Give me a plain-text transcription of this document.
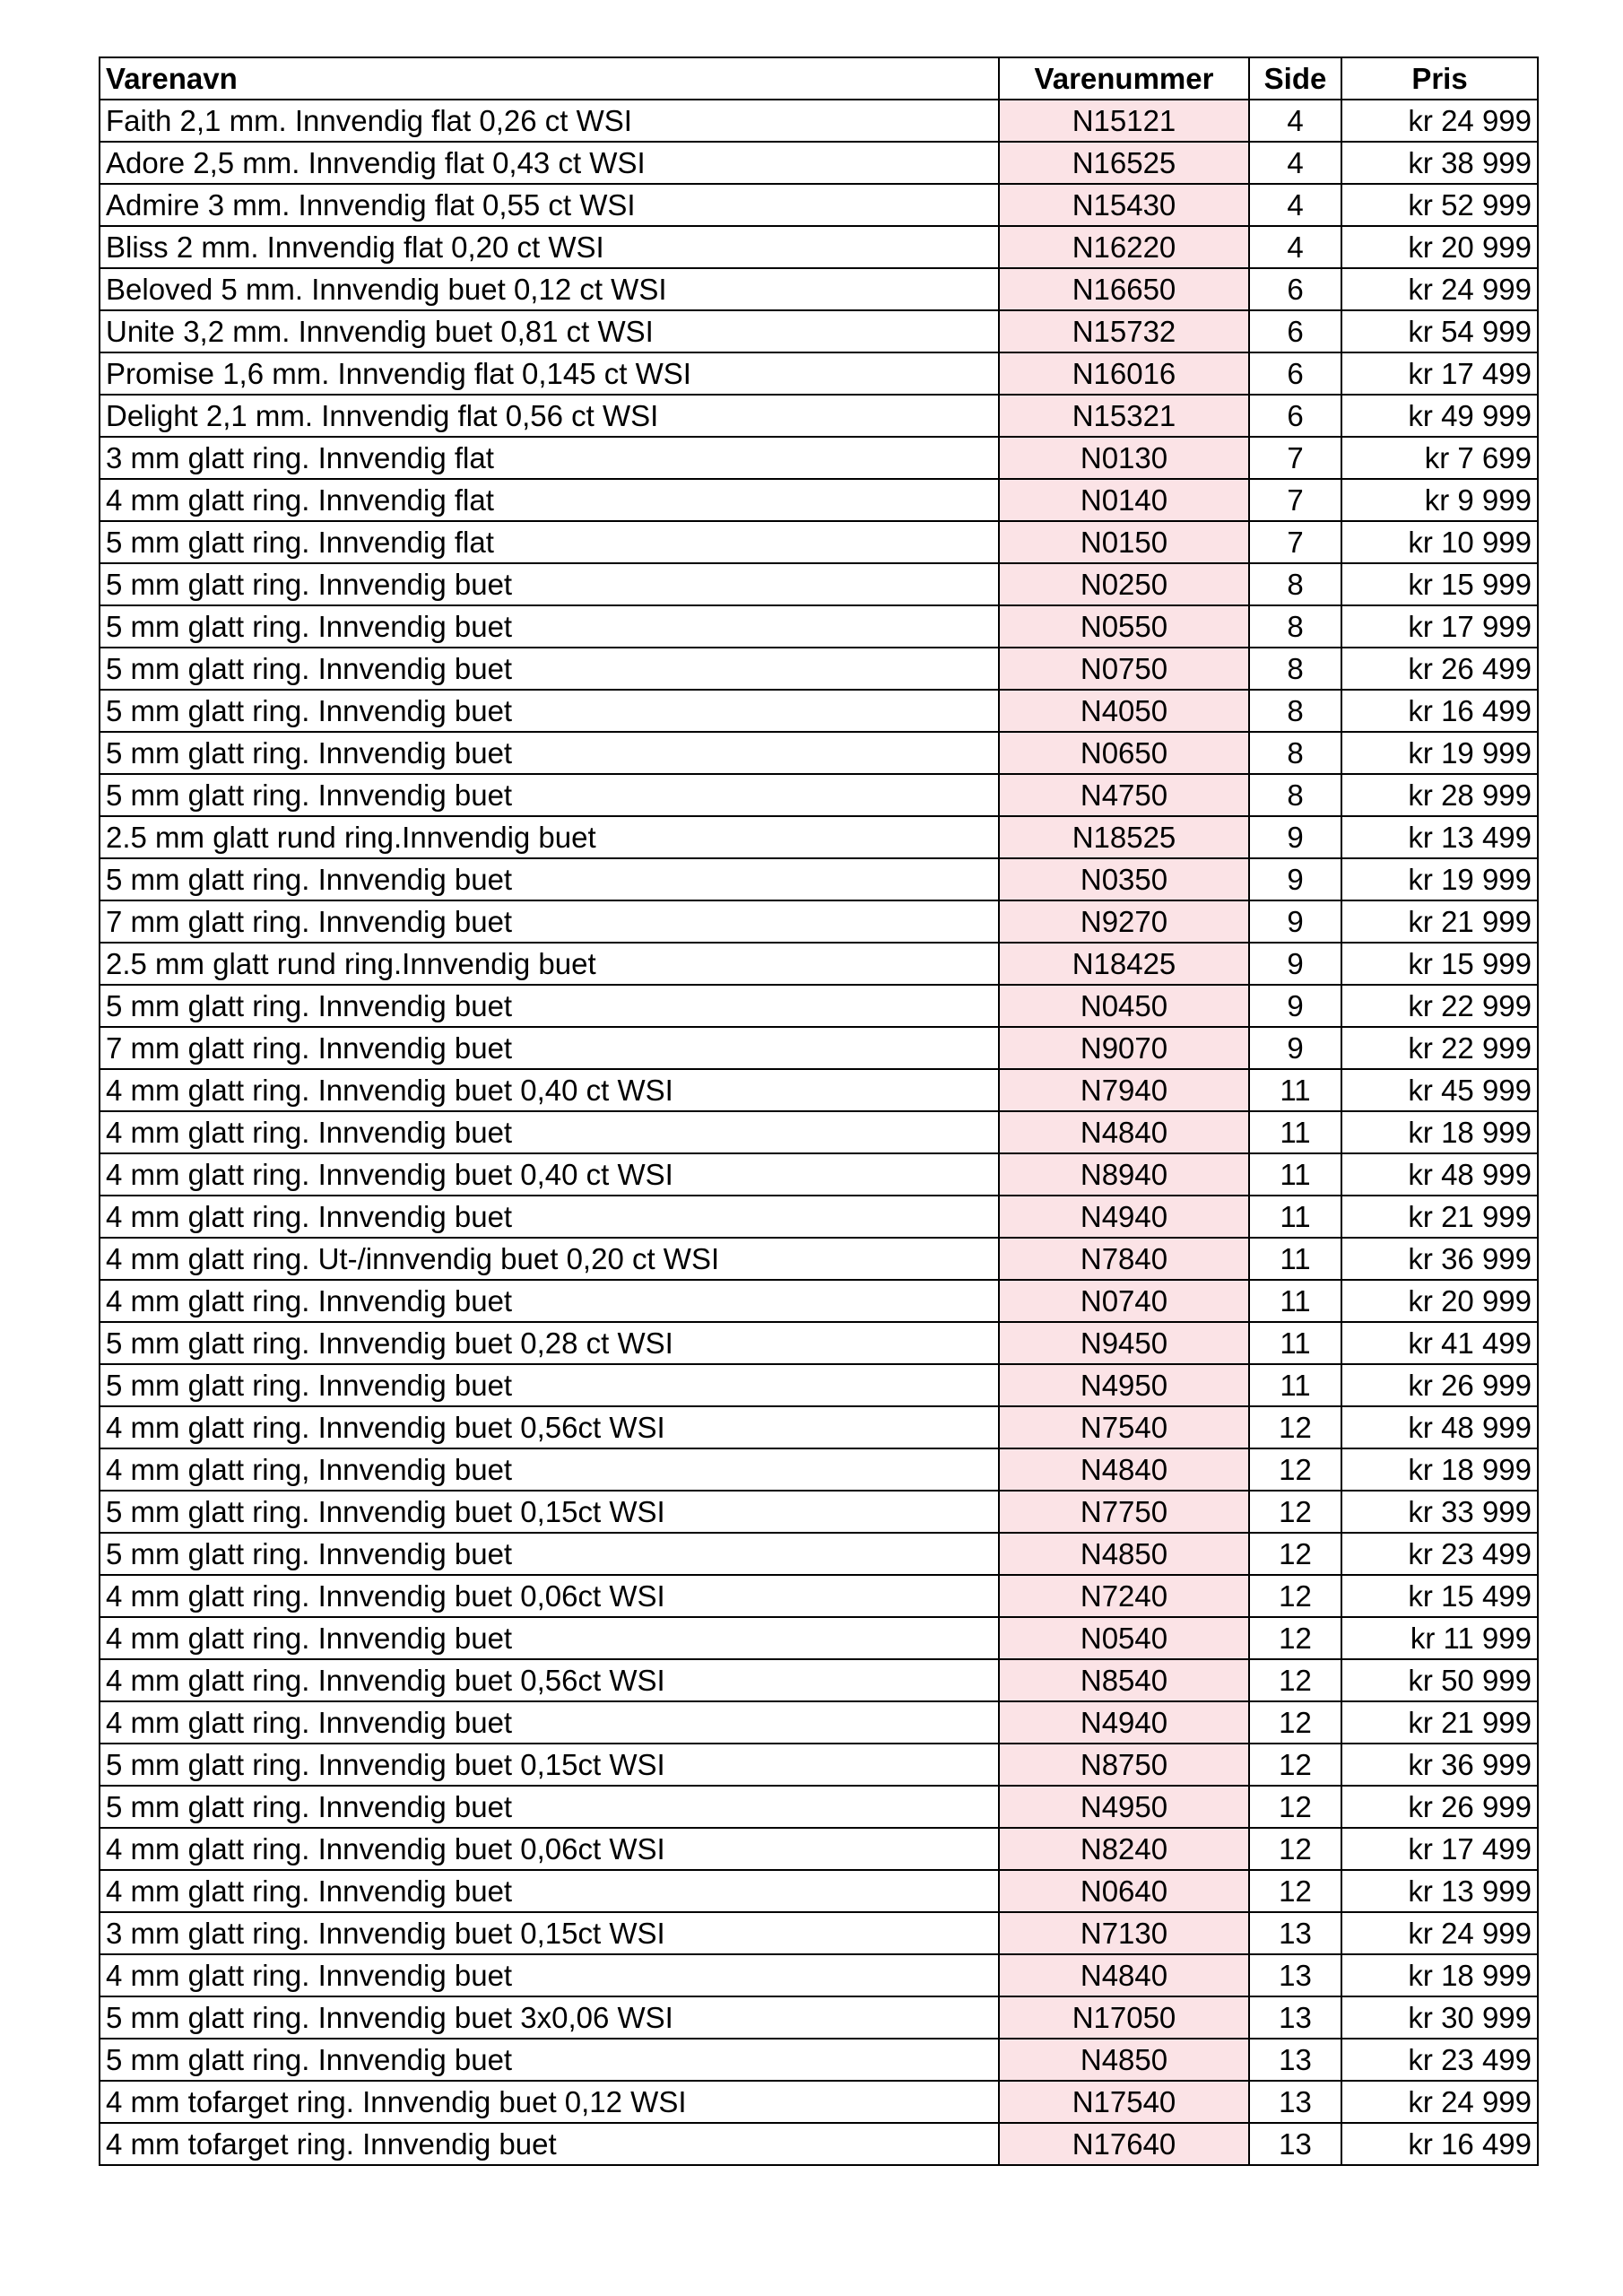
Varenavn	Varenummer	Side	Pris
Faith 2,1 mm. Innvendig flat 0,26 ct WSI	N15121	4	kr 24 999
Adore 2,5 mm. Innvendig flat 0,43 ct WSI	N16525	4	kr 38 999
Admire 3 mm. Innvendig flat 0,55 ct WSI	N15430	4	kr 52 999
Bliss 2 mm. Innvendig flat 0,20 ct WSI	N16220	4	kr 20 999
Beloved 5 mm. Innvendig buet 0,12 ct WSI	N16650	6	kr 24 999
Unite 3,2 mm. Innvendig buet 0,81 ct WSI	N15732	6	kr 54 999
Promise 1,6 mm. Innvendig flat 0,145 ct WSI	N16016	6	kr 17 499
Delight 2,1 mm. Innvendig flat 0,56 ct WSI	N15321	6	kr 49 999
3 mm glatt ring. Innvendig flat	N0130	7	kr 7 699
4 mm glatt ring. Innvendig flat	N0140	7	kr 9 999
5 mm glatt ring. Innvendig flat	N0150	7	kr 10 999
5 mm glatt ring. Innvendig buet	N0250	8	kr 15 999
5 mm glatt ring. Innvendig buet	N0550	8	kr 17 999
5 mm glatt ring. Innvendig buet	N0750	8	kr 26 499
5 mm glatt ring. Innvendig buet	N4050	8	kr 16 499
5 mm glatt ring. Innvendig buet	N0650	8	kr 19 999
5 mm glatt ring. Innvendig buet	N4750	8	kr 28 999
2.5 mm glatt rund ring.Innvendig buet	N18525	9	kr 13 499
5 mm glatt ring. Innvendig buet	N0350	9	kr 19 999
7 mm glatt ring. Innvendig buet	N9270	9	kr 21 999
2.5 mm glatt rund ring.Innvendig buet	N18425	9	kr 15 999
5 mm glatt ring. Innvendig buet	N0450	9	kr 22 999
7 mm glatt ring. Innvendig buet	N9070	9	kr 22 999
4 mm glatt ring. Innvendig buet 0,40 ct WSI	N7940	11	kr 45 999
4 mm glatt ring. Innvendig buet	N4840	11	kr 18 999
4 mm glatt ring. Innvendig buet 0,40 ct WSI	N8940	11	kr 48 999
4 mm glatt ring. Innvendig buet	N4940	11	kr 21 999
4 mm glatt ring. Ut-/innvendig buet 0,20 ct WSI	N7840	11	kr 36 999
4 mm glatt ring. Innvendig buet	N0740	11	kr 20 999
5 mm glatt ring. Innvendig buet 0,28 ct WSI	N9450	11	kr 41 499
5 mm glatt ring. Innvendig buet	N4950	11	kr 26 999
4 mm glatt ring. Innvendig buet 0,56ct WSI	N7540	12	kr 48 999
4 mm glatt ring, Innvendig buet	N4840	12	kr 18 999
5 mm glatt ring. Innvendig buet 0,15ct WSI	N7750	12	kr 33 999
5 mm glatt ring. Innvendig buet	N4850	12	kr 23 499
4 mm glatt ring. Innvendig buet 0,06ct WSI	N7240	12	kr 15 499
4 mm glatt ring. Innvendig buet	N0540	12	kr 11 999
4 mm glatt ring. Innvendig buet 0,56ct WSI	N8540	12	kr 50 999
4 mm glatt ring. Innvendig buet	N4940	12	kr 21 999
5 mm glatt ring. Innvendig buet 0,15ct WSI	N8750	12	kr 36 999
5 mm glatt ring. Innvendig buet	N4950	12	kr 26 999
4 mm glatt ring. Innvendig buet 0,06ct WSI	N8240	12	kr 17 499
4 mm glatt ring. Innvendig buet	N0640	12	kr 13 999
3 mm glatt ring. Innvendig buet 0,15ct WSI	N7130	13	kr 24 999
4 mm glatt ring. Innvendig buet	N4840	13	kr 18 999
5 mm glatt ring. Innvendig buet 3x0,06 WSI	N17050	13	kr 30 999
5 mm glatt ring. Innvendig buet	N4850	13	kr 23 499
4 mm tofarget ring. Innvendig buet 0,12 WSI	N17540	13	kr 24 999
4 mm tofarget ring. Innvendig buet	N17640	13	kr 16 499
